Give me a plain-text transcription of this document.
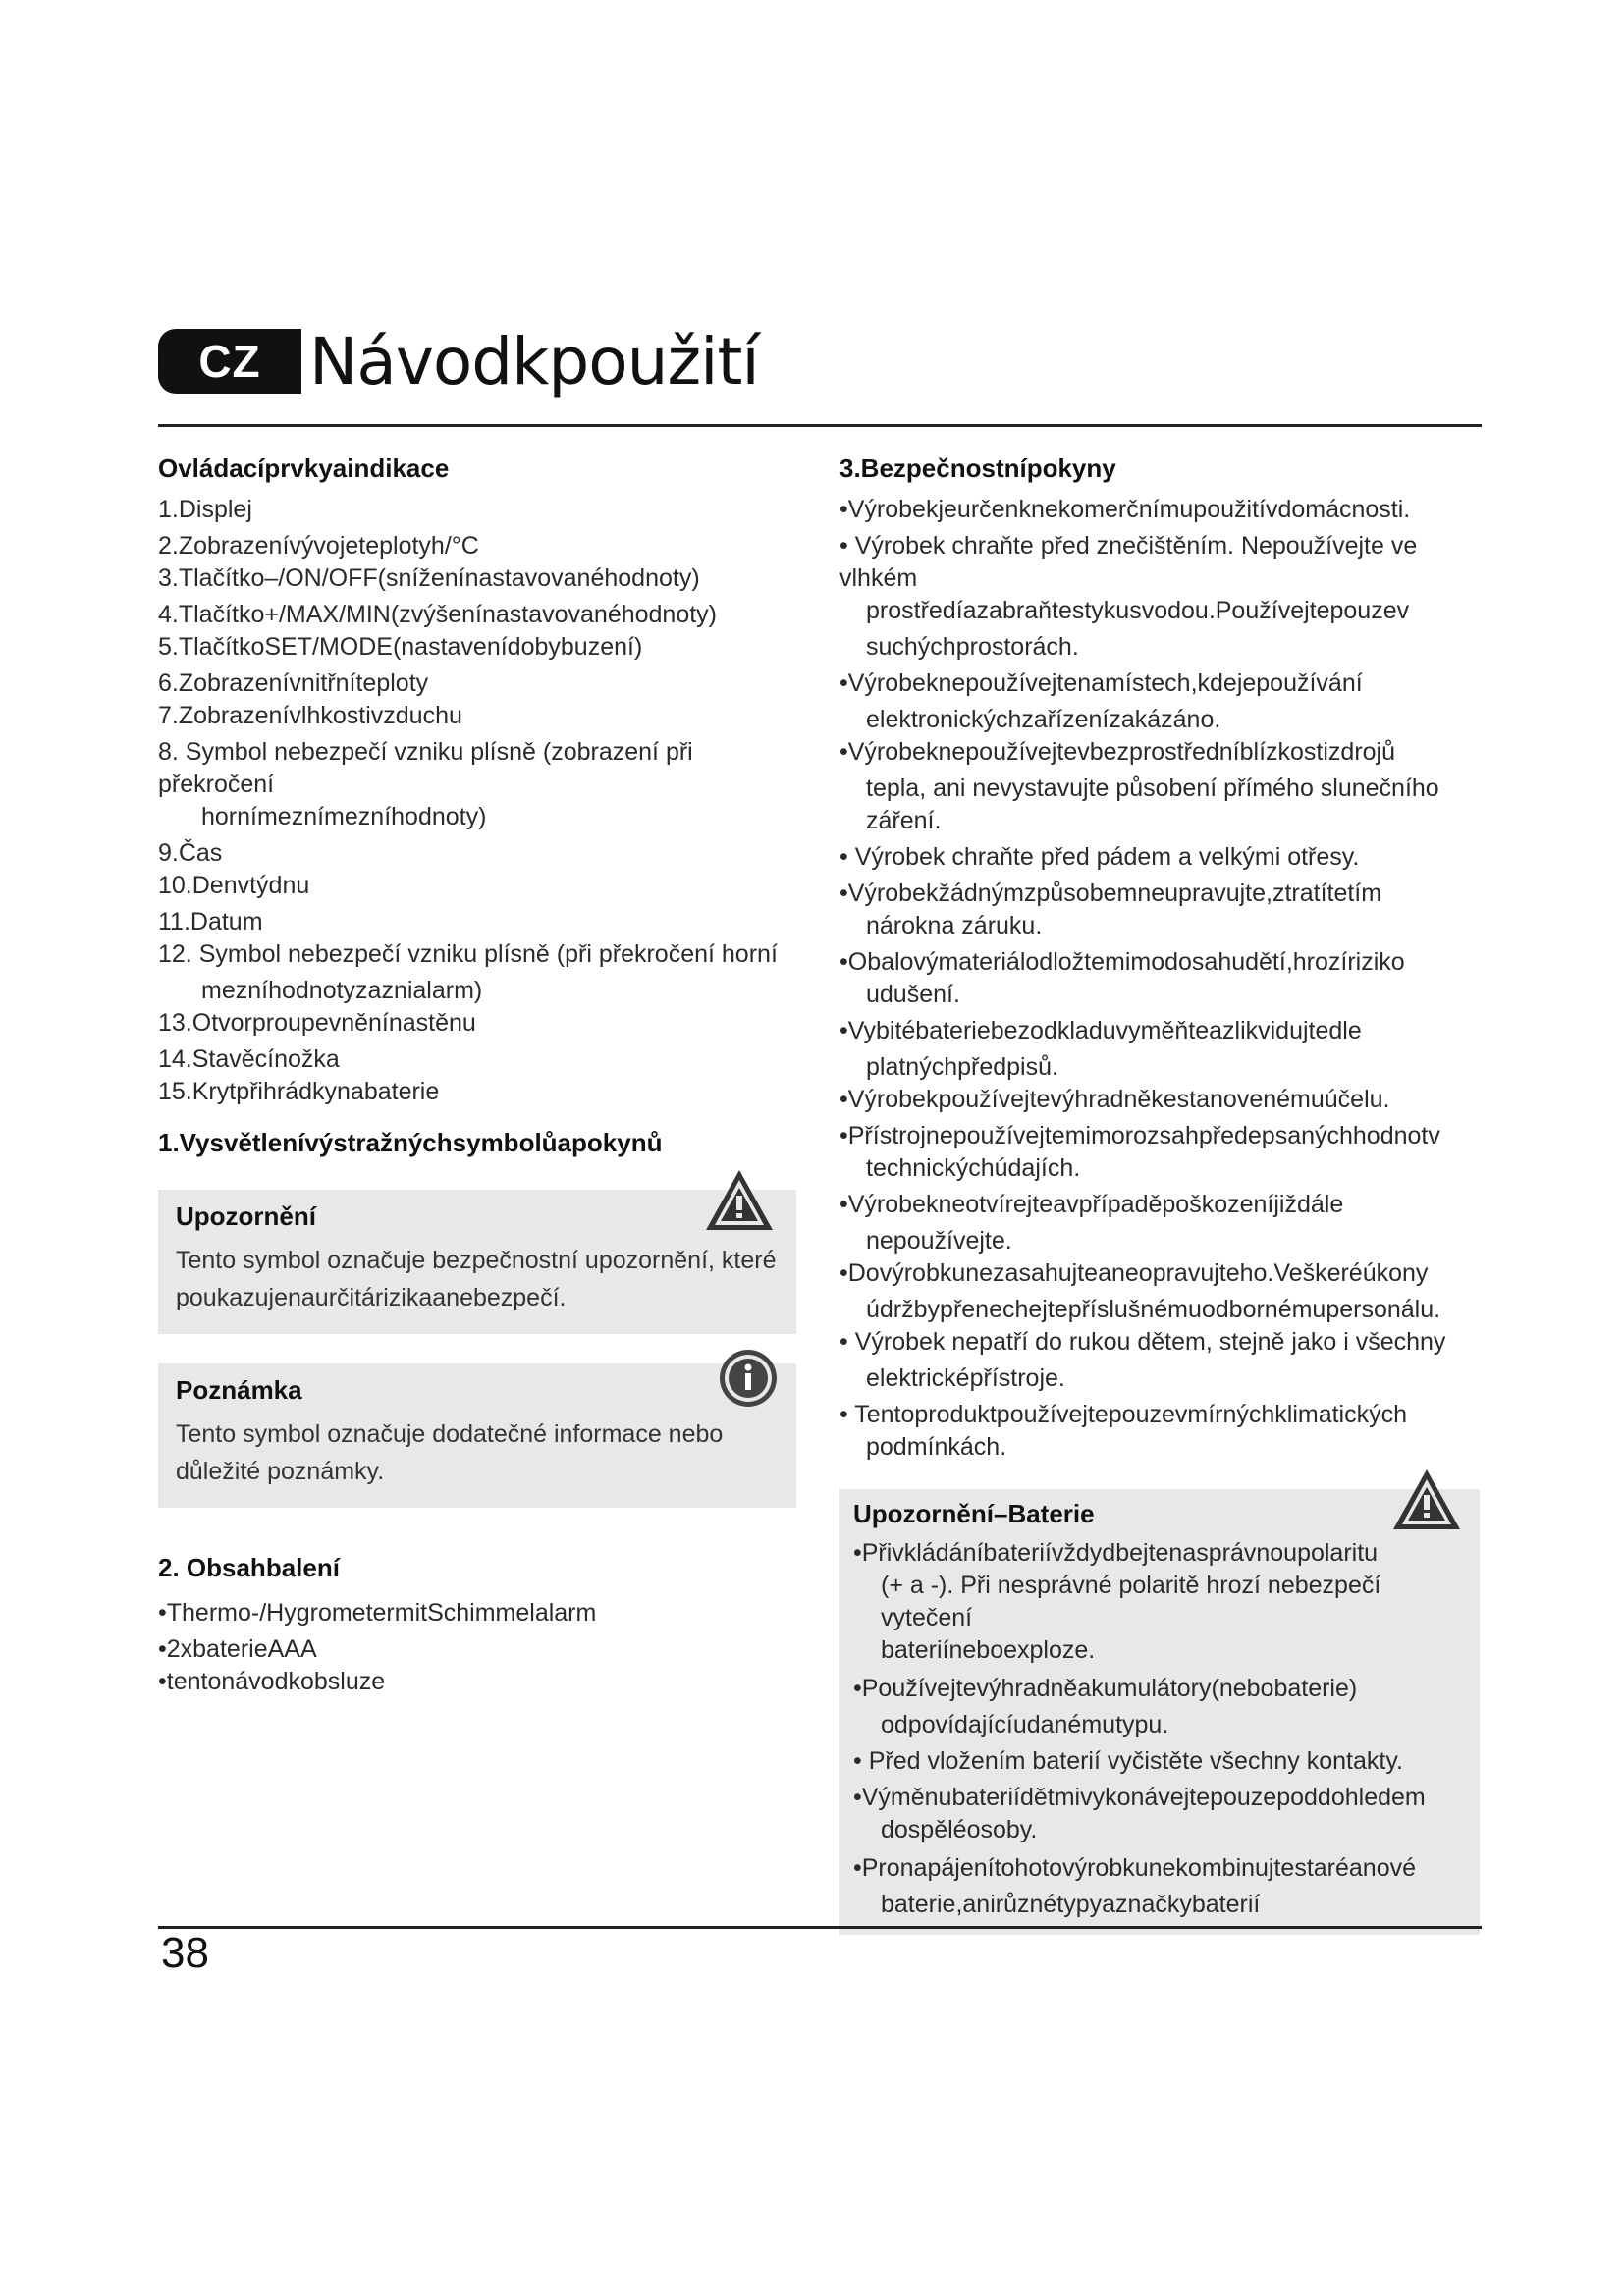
CZ Návodkpoužití
Ovládacíprvkyaindikace
1.Displej
2.Zobrazenívývojeteplotyh/°C
3.Tlačítko–/ON/OFF(sníženínastavovanéhodnoty)
4.Tlačítko+/MAX/MIN(zvýšenínastavovanéhodnoty)
5.TlačítkoSET/MODE(nastavenídobybuzení)
6.Zobrazenívnitřníteploty
7.Zobrazenívlhkostivzduchu
8. Symbol nebezpečí vzniku plísně (zobrazení při překročení
hornímeznímezníhodnoty)
9.Čas
10.Denvtýdnu
11.Datum
12. Symbol nebezpečí vzniku plísně (při překročení horní
mezníhodnotyzaznialarm)
13.Otvorproupevněnínastěnu
14.Stavěcínožka
15.Krytpřihrádkynabaterie
1.Vysvětlenívýstražnýchsymbolůapokynů
Upozornění
Tento symbol označuje bezpečnostní upozornění, které poukazujenaurčitárizikaanebezpečí.
Poznámka
Tento symbol označuje dodatečné informace nebo důležité poznámky.
2. Obsahbalení
•Thermo-/HygrometermitSchimmelalarm
•2xbaterieAAA
•tentonávodkobsluze
3.Bezpečnostnípokyny
•Výrobekjeurčenknekomerčnímupoužitívdomácnosti.
• Výrobek chraňte před znečištěním. Nepoužívejte ve vlhkém
prostředíazabraňtestykusvodou.Používejtepouzev
suchýchprostorách.
•Výrobeknepoužívejtenamístech,kdejepoužívání
elektronickýchzařízenízakázáno.
•Výrobeknepoužívejtevbezprostředníblízkostizdrojů
tepla, ani nevystavujte působení přímého slunečního
záření.
• Výrobek chraňte před pádem a velkými otřesy.
•Výrobekžádnýmzpůsobemneupravujte,ztratítetím
nárokna záruku.
•Obalovýmateriálodložtemimodosahudětí,hrozíriziko
udušení.
•Vybitébateriebezodkladuvyměňteazlikvidujtedle
platnýchpředpisů.
•Výrobekpoužívejtevýhradněkestanovenémuúčelu.
•Přístrojnepoužívejtemimorozsahpředepsanýchhodnotv
technickýchúdajích.
•Výrobekneotvírejteavpřípaděpoškozeníjiždále
nepoužívejte.
•Dovýrobkunezasahujteaneopravujteho.Veškeréúkony
údržbypřenechejtepříslušnémuodbornémupersonálu.
• Výrobek nepatří do rukou dětem, stejně jako i všechny
elektricképřístroje.
• Tentoproduktpoužívejtepouzevmírnýchklimatických
podmínkách.
Upozornění–Baterie
•Přivkládáníbateriívždydbejtenasprávnoupolaritu
(+ a -). Při nesprávné polaritě hrozí nebezpečí vytečení
bateriíneboexploze.
•Používejtevýhradněakumulátory(nebobaterie)
odpovídajícíudanémutypu.
• Před vložením baterií vyčistěte všechny kontakty.
•Výměnubateriídětmivykonávejtepouzepoddohledem
dospěléosoby.
•Pronapájenítohotovýrobkunekombinujtestaréanové
baterie,anirůznétypyaznačkybaterií
38
